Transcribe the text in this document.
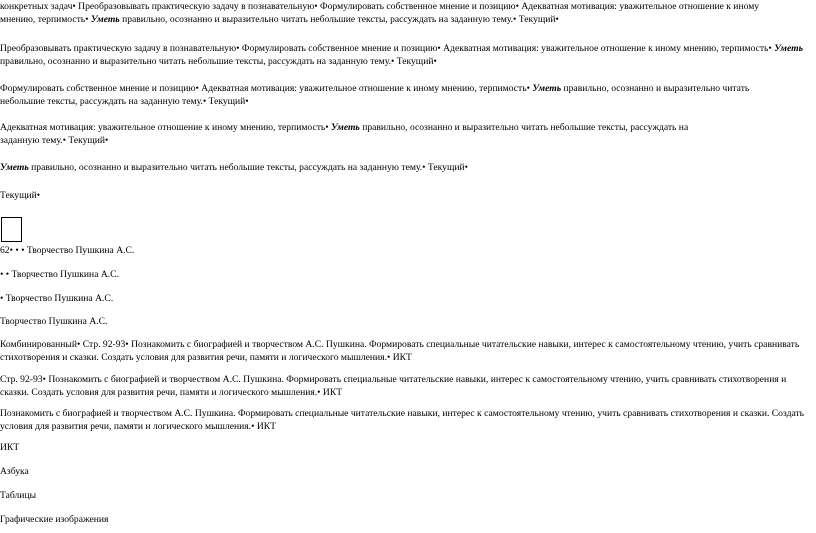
конкретных задач• Преобразовывать практическую задачу в познавательную• Формулировать собственное мнение и позицию• Адекватная мотивация: уважительное отношение к иному мнению, терпимость• Уметь правильно, осознанно и выразительно читать небольшие тексты, рассуждать на заданную тему.• Текущий•

Преобразовывать практическую задачу в познавательную• Формулировать собственное мнение и позицию• Адекватная мотивация: уважительное отношение к иному мнению, терпимость• Уметь правильно, осознанно и выразительно читать небольшие тексты, рассуждать на заданную тему.• Текущий•

Формулировать собственное мнение и позицию• Адекватная мотивация: уважительное отношение к иному мнению, терпимость• Уметь правильно, осознанно и выразительно читать небольшие тексты, рассуждать на заданную тему.• Текущий•

Адекватная мотивация: уважительное отношение к иному мнению, терпимость• Уметь правильно, осознанно и выразительно читать небольшие тексты, рассуждать на заданную тему.• Текущий•

Уметь правильно, осознанно и выразительно читать небольшие тексты, рассуждать на заданную тему.• Текущий•

Текущий•

62• • • Творчество Пушкина А.С.

• • Творчество Пушкина А.С.

• Творчество Пушкина А.С.

Творчество Пушкина А.С.

Комбинированный• Стр. 92-93• Познакомить с биографией и творчеством А.С. Пушкина. Формировать специальные читательские навыки, интерес к самостоятельному чтению, учить сравнивать стихотворения и сказки. Создать условия для развития речи, памяти и логического мышления.• ИКТ

Стр. 92-93• Познакомить с биографией и творчеством А.С. Пушкина. Формировать специальные читательские навыки, интерес к самостоятельному чтению, учить сравнивать стихотворения и сказки. Создать условия для развития речи, памяти и логического мышления.• ИКТ

Познакомить с биографией и творчеством А.С. Пушкина. Формировать специальные читательские навыки, интерес к самостоятельному чтению, учить сравнивать стихотворения и сказки. Создать условия для развития речи, памяти и логического мышления.• ИКТ

ИКТ

Азбука

Таблицы

Графические изображения
